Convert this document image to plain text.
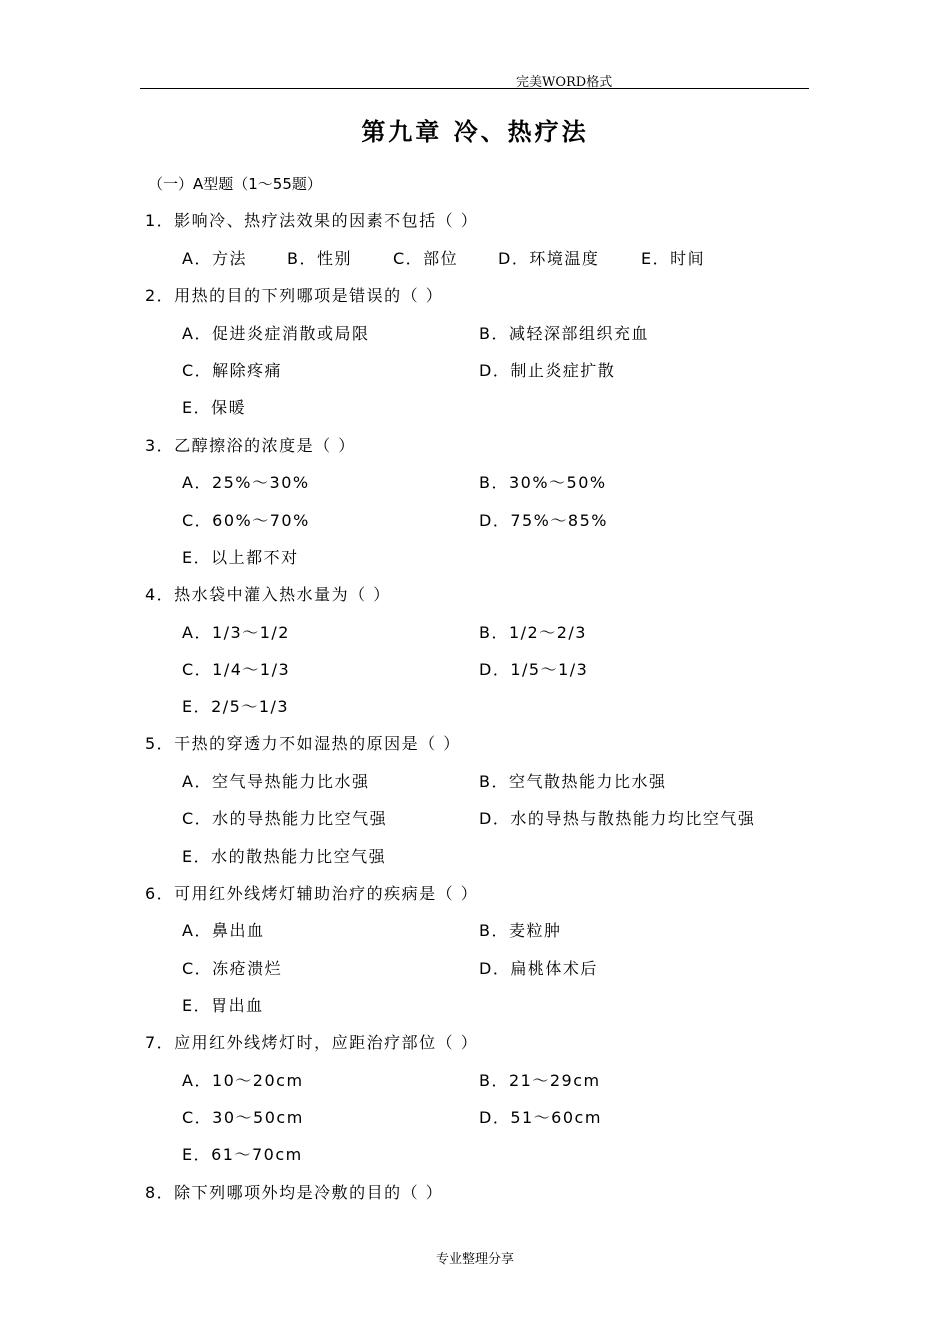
完美WORD格式
第九章 冷、热疗法
（一）A型题（1～55题）
1．影响冷、热疗法效果的因素不包括（ ）
A．方法	B．性别	C．部位 D．环境温度	E．时间
2．用热的目的下列哪项是错误的（ ）
A．促进炎症消散或局限	B．减轻深部组织充血
C．解除疼痛	D．制止炎症扩散
E．保暖
3．乙醇擦浴的浓度是（ ）
A．25%～30%	B．30%～50%
C．60%～70%	D．75%～85%
E．以上都不对
4．热水袋中灌入热水量为（ ）
A．1/3～1/2	B．1/2～2/3
C．1/4～1/3	D．1/5～1/3
E．2/5～1/3
5．干热的穿透力不如湿热的原因是（ ）
A．空气导热能力比水强	B．空气散热能力比水强
C．水的导热能力比空气强	D．水的导热与散热能力均比空气强
E．水的散热能力比空气强
6．可用红外线烤灯辅助治疗的疾病是（ ）
A．鼻出血	B．麦粒肿
C．冻疮溃烂	D．扁桃体术后
E．胃出血
7．应用红外线烤灯时，应距治疗部位（ ）
A．10～20cm	B．21～29cm
C．30～50cm	D．51～60cm
E．61～70cm
8．除下列哪项外均是冷敷的目的（ ）
专业整理分享
